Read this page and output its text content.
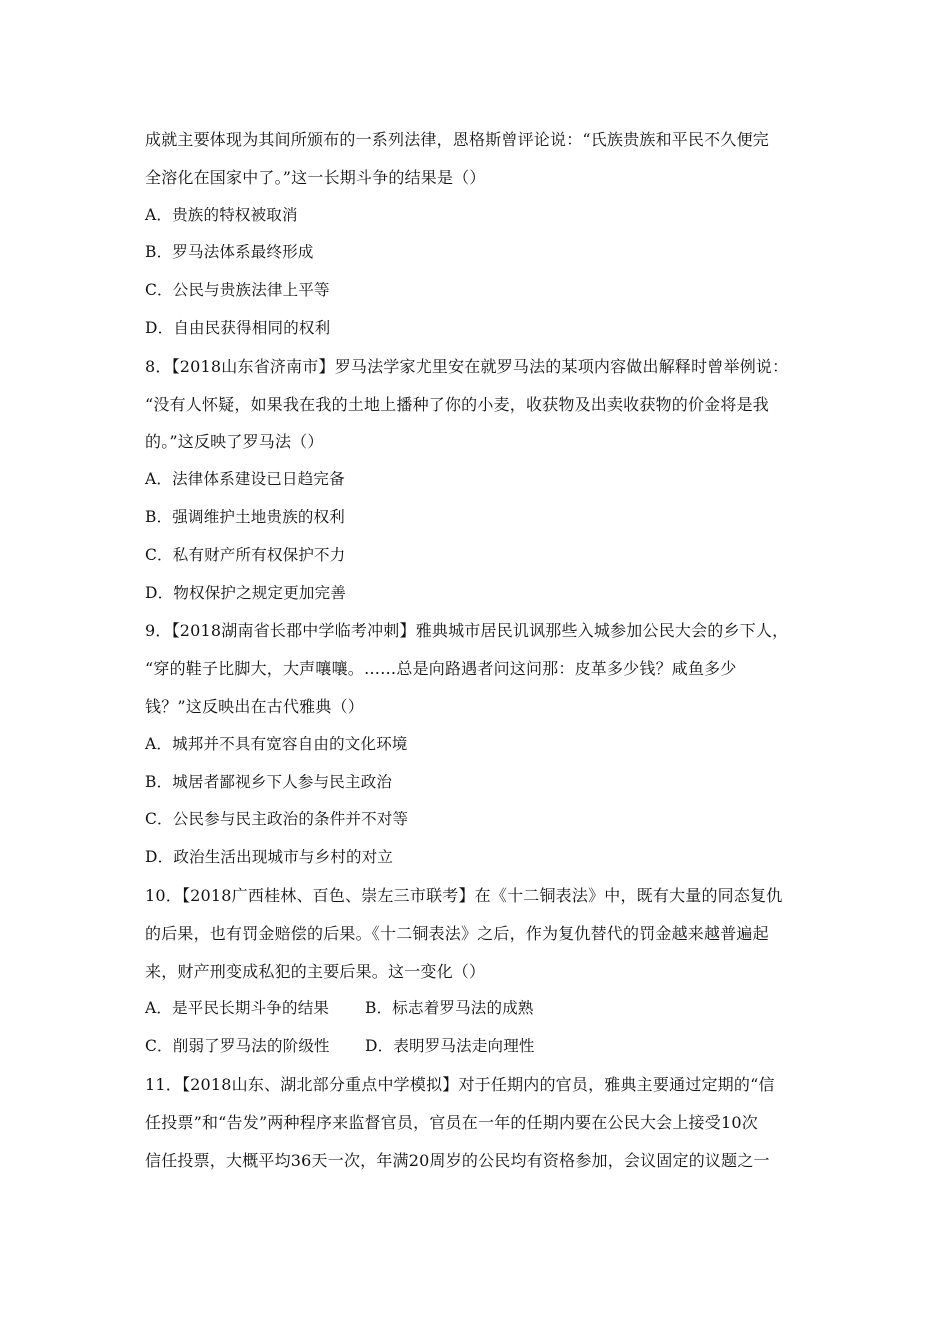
成就主要体现为其间所颁布的一系列法律，恩格斯曾评论说：“氏族贵族和平民不久便完
全溶化在国家中了。”这一长期斗争的结果是（）
A．贵族的特权被取消
B．罗马法体系最终形成
C．公民与贵族法律上平等
D．自由民获得相同的权利
8．【2018山东省济南市】罗马法学家尤里安在就罗马法的某项内容做出解释时曾举例说：
“没有人怀疑，如果我在我的土地上播种了你的小麦，收获物及出卖收获物的价金将是我
的。”这反映了罗马法（）
A．法律体系建设已日趋完备
B．强调维护土地贵族的权利
C．私有财产所有权保护不力
D．物权保护之规定更加完善
9．【2018湖南省长郡中学临考冲刺】雅典城市居民讥讽那些入城参加公民大会的乡下人，
“穿的鞋子比脚大，大声嚷嚷。……总是向路遇者问这问那：皮革多少钱？咸鱼多少
钱？”这反映出在古代雅典（）
A．城邦并不具有宽容自由的文化环境
B．城居者鄙视乡下人参与民主政治
C．公民参与民主政治的条件并不对等
D．政治生活出现城市与乡村的对立
10．【2018广西桂林、百色、崇左三市联考】在《十二铜表法》中，既有大量的同态复仇
的后果，也有罚金赔偿的后果。《十二铜表法》之后，作为复仇替代的罚金越来越普遍起
来，财产刑变成私犯的主要后果。这一变化（）
A．是平民长期斗争的结果 B．标志着罗马法的成熟
C．削弱了罗马法的阶级性 D．表明罗马法走向理性
11．【2018山东、湖北部分重点中学模拟】对于任期内的官员，雅典主要通过定期的“信
任投票”和“告发”两种程序来监督官员，官员在一年的任期内要在公民大会上接受10次
信任投票，大概平均36天一次，年满20周岁的公民均有资格参加，会议固定的议题之一
